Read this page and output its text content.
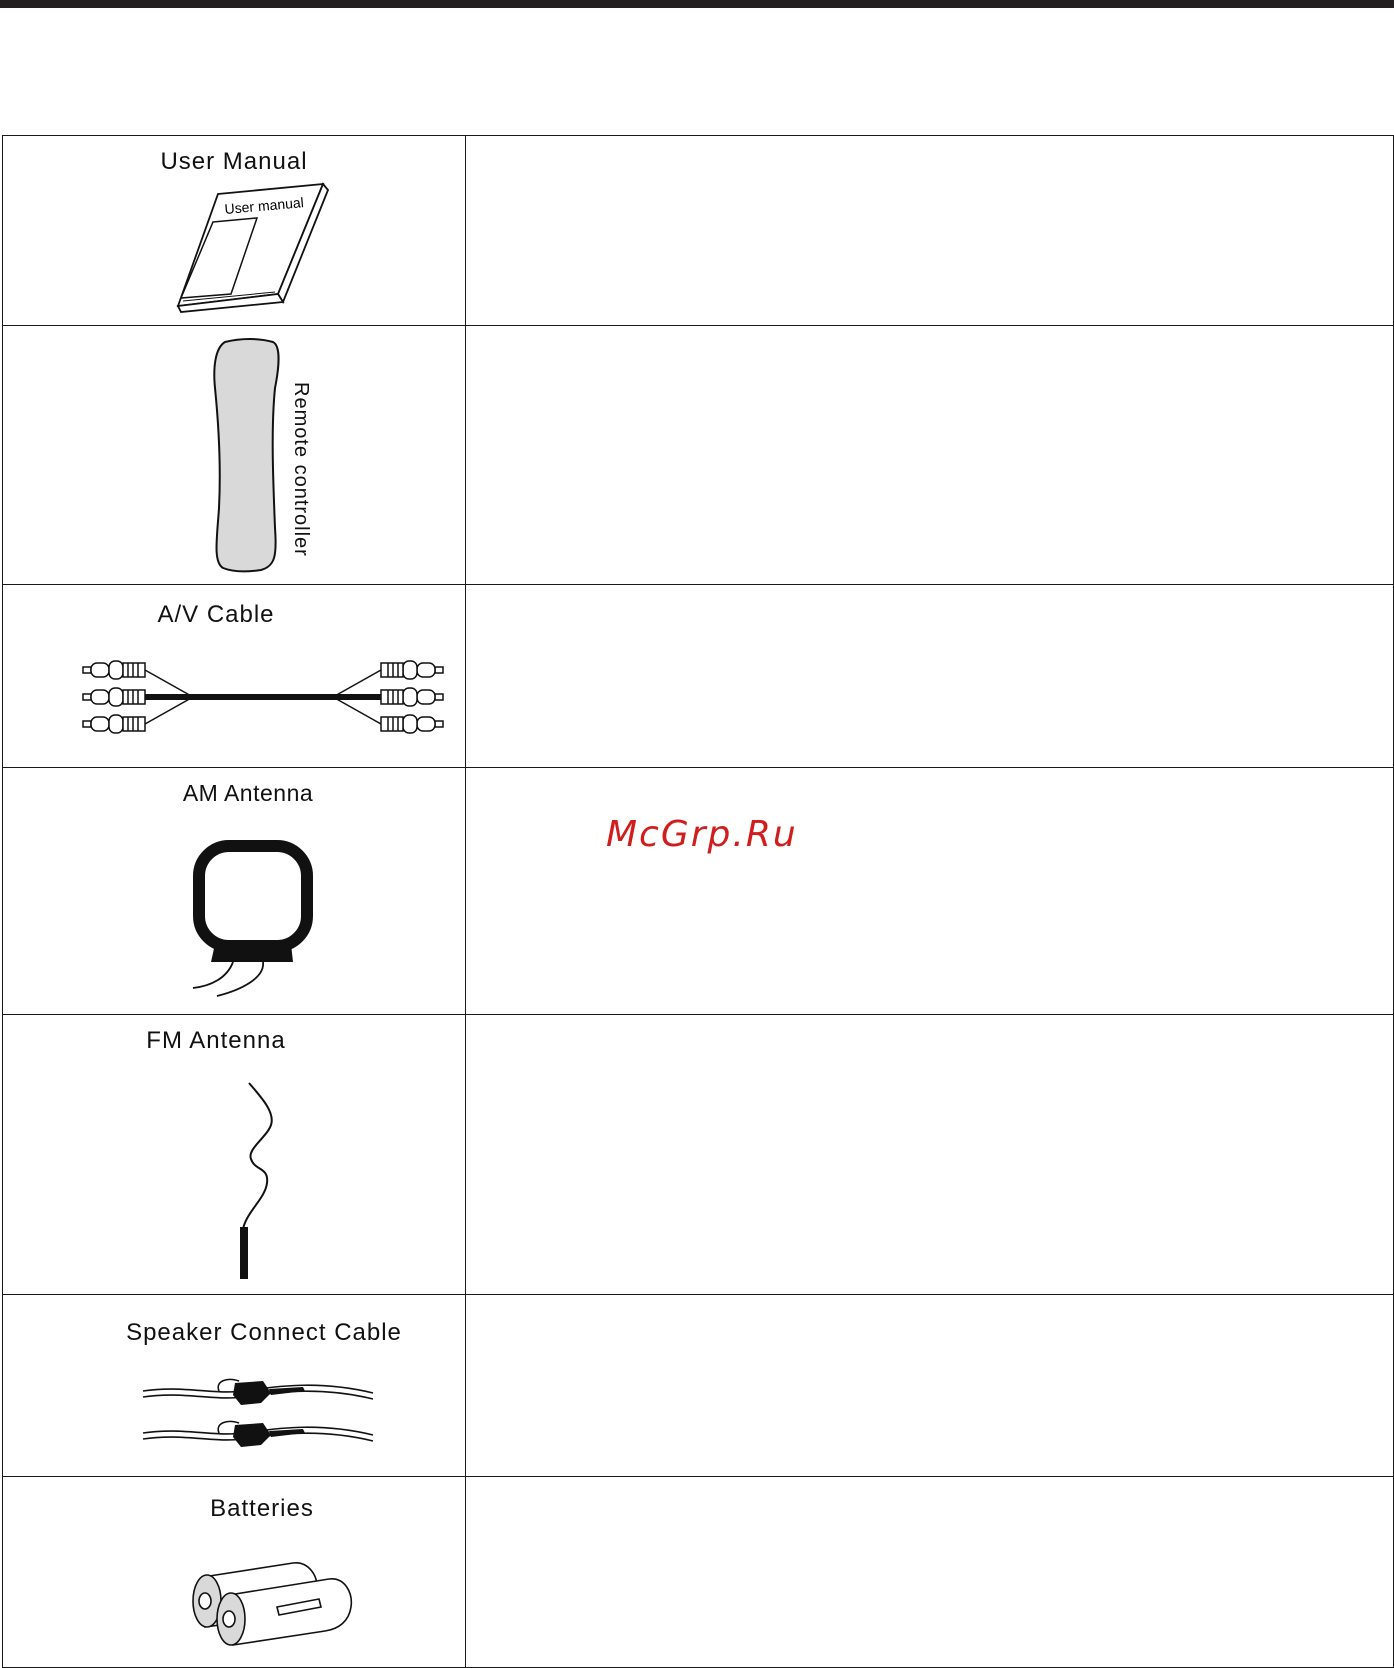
User Manual
User manual	

Remote controller	

A/V Cable	

AM Antenna	McGrp.Ru

FM Antenna	

Speaker Connect Cable	

Batteries	
